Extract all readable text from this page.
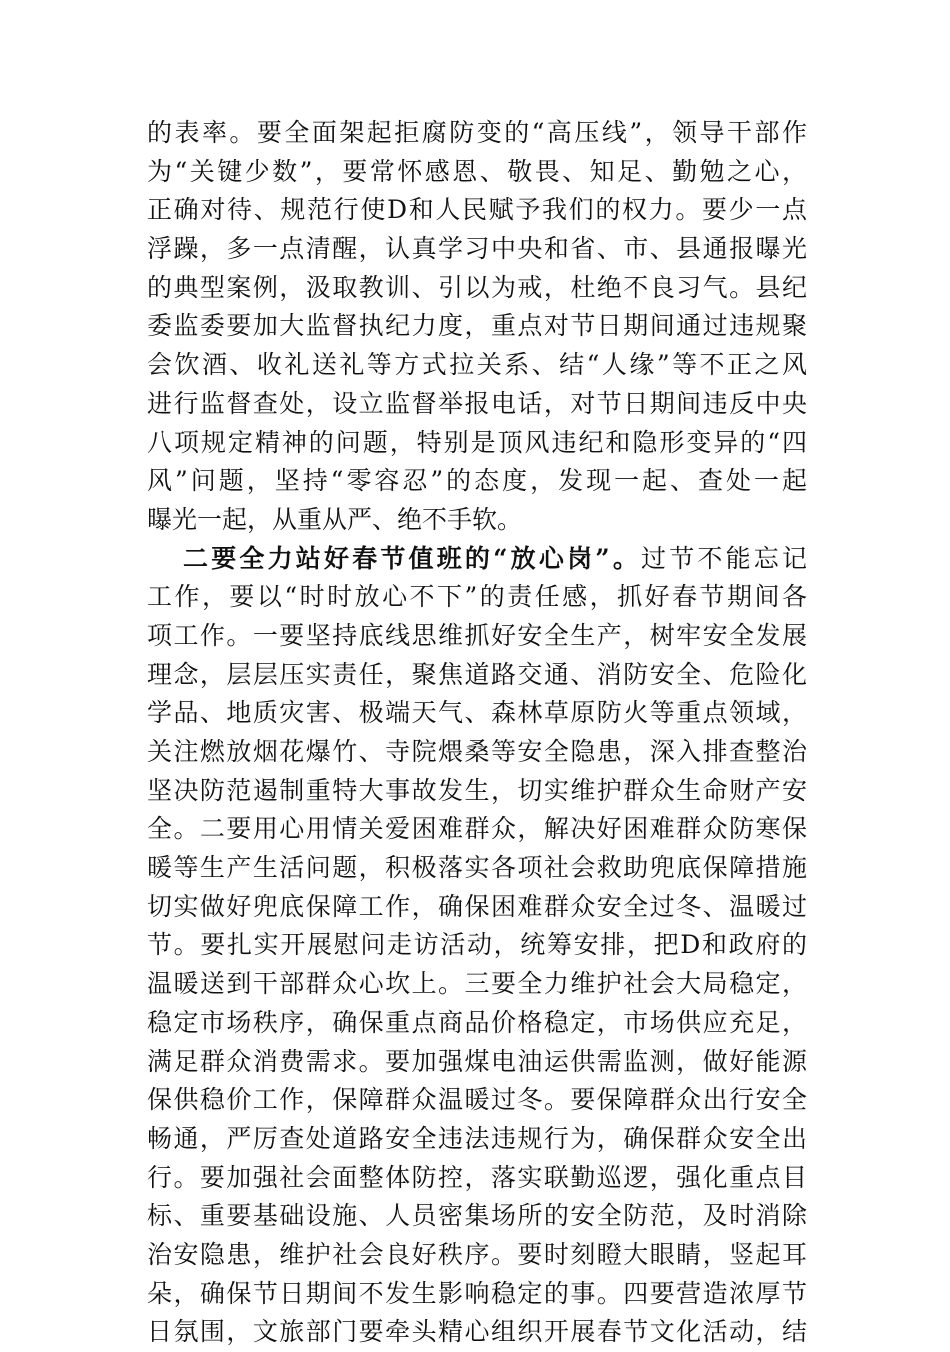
的表率。要全面架起拒腐防变的“高压线”，领导干部作
为“关键少数”，要常怀感恩、敬畏、知足、勤勉之心，
正确对待、规范行使D和人民赋予我们的权力。要少一点
浮躁，多一点清醒，认真学习中央和省、市、县通报曝光
的典型案例，汲取教训、引以为戒，杜绝不良习气。县纪
委监委要加大监督执纪力度，重点对节日期间通过违规聚
会饮酒、收礼送礼等方式拉关系、结“人缘”等不正之风
进行监督查处，设立监督举报电话，对节日期间违反中央
八项规定精神的问题，特别是顶风违纪和隐形变异的“四
风”问题，坚持“零容忍”的态度，发现一起、查处一起
曝光一起，从重从严、绝不手软。
二要全力站好春节值班的“放心岗”。过节不能忘记
工作，要以“时时放心不下”的责任感，抓好春节期间各
项工作。一要坚持底线思维抓好安全生产，树牢安全发展
理念，层层压实责任，聚焦道路交通、消防安全、危险化
学品、地质灾害、极端天气、森林草原防火等重点领域，
关注燃放烟花爆竹、寺院煨桑等安全隐患，深入排查整治
坚决防范遏制重特大事故发生，切实维护群众生命财产安
全。二要用心用情关爱困难群众，解决好困难群众防寒保
暖等生产生活问题，积极落实各项社会救助兜底保障措施
切实做好兜底保障工作，确保困难群众安全过冬、温暖过
节。要扎实开展慰问走访活动，统筹安排，把D和政府的
温暖送到干部群众心坎上。三要全力维护社会大局稳定，
稳定市场秩序，确保重点商品价格稳定，市场供应充足，
满足群众消费需求。要加强煤电油运供需监测，做好能源
保供稳价工作，保障群众温暖过冬。要保障群众出行安全
畅通，严厉查处道路安全违法违规行为，确保群众安全出
行。要加强社会面整体防控，落实联勤巡逻，强化重点目
标、重要基础设施、人员密集场所的安全防范，及时消除
治安隐患，维护社会良好秩序。要时刻瞪大眼睛，竖起耳
朵，确保节日期间不发生影响稳定的事。四要营造浓厚节
日氛围，文旅部门要牵头精心组织开展春节文化活动，结
